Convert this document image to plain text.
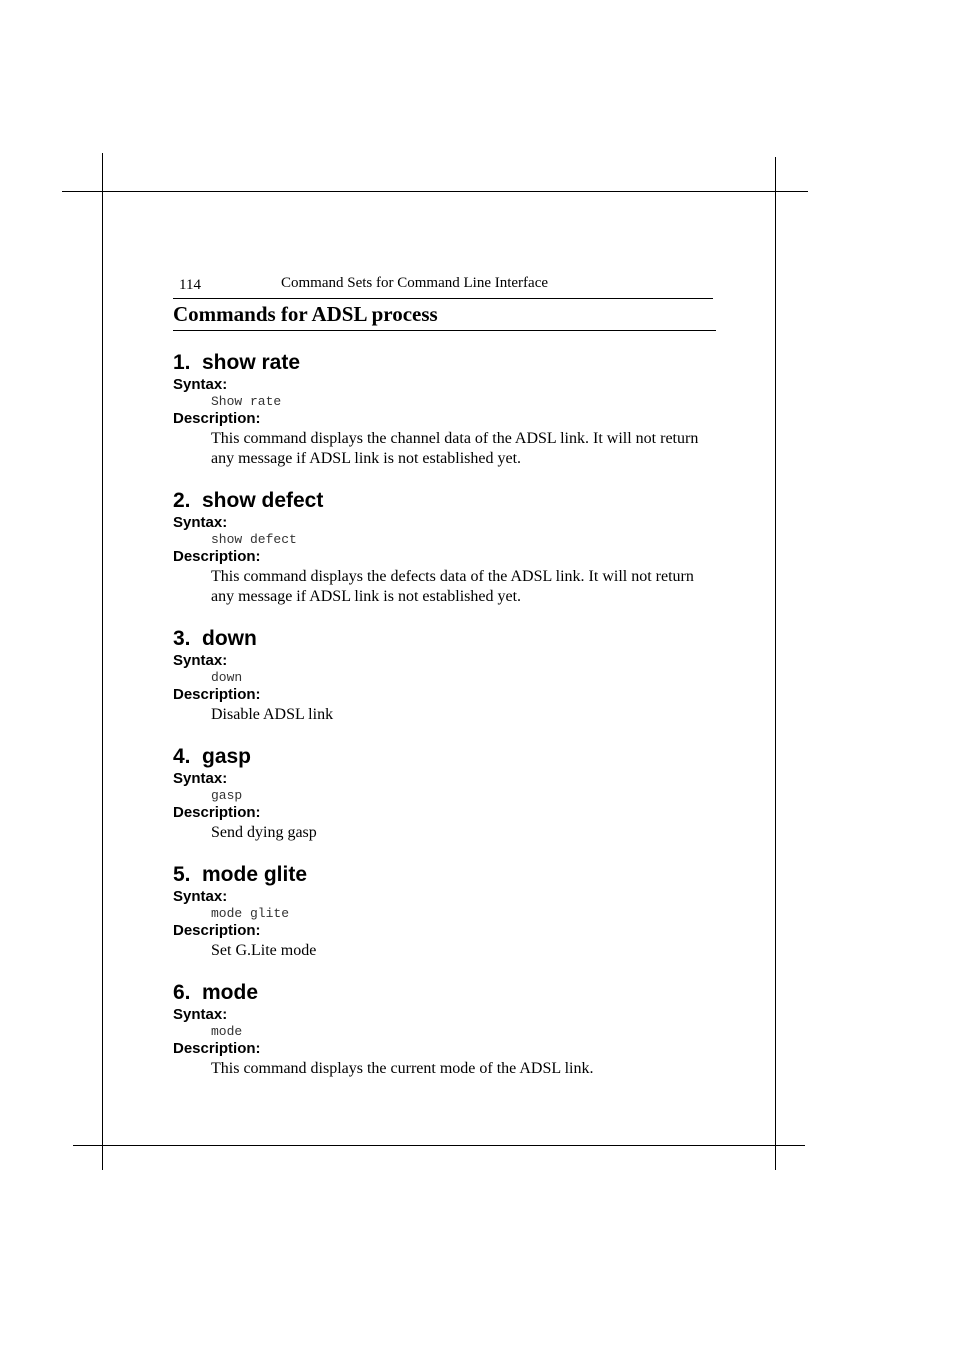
114	Command Sets for Command Line Interface
Commands for ADSL process
1. show rate
Syntax:
Show rate
Description:
This command displays the channel data of the ADSL link. It will not return any message if ADSL link is not established yet.
2. show defect
Syntax:
show defect
Description:
This command displays the defects data of the ADSL link. It will not return any message if ADSL link is not established yet.
3. down
Syntax:
down
Description:
Disable ADSL link
4. gasp
Syntax:
gasp
Description:
Send dying gasp
5. mode glite
Syntax:
mode glite
Description:
Set G.Lite mode
6. mode
Syntax:
mode
Description:
This command displays the current mode of the ADSL link.
